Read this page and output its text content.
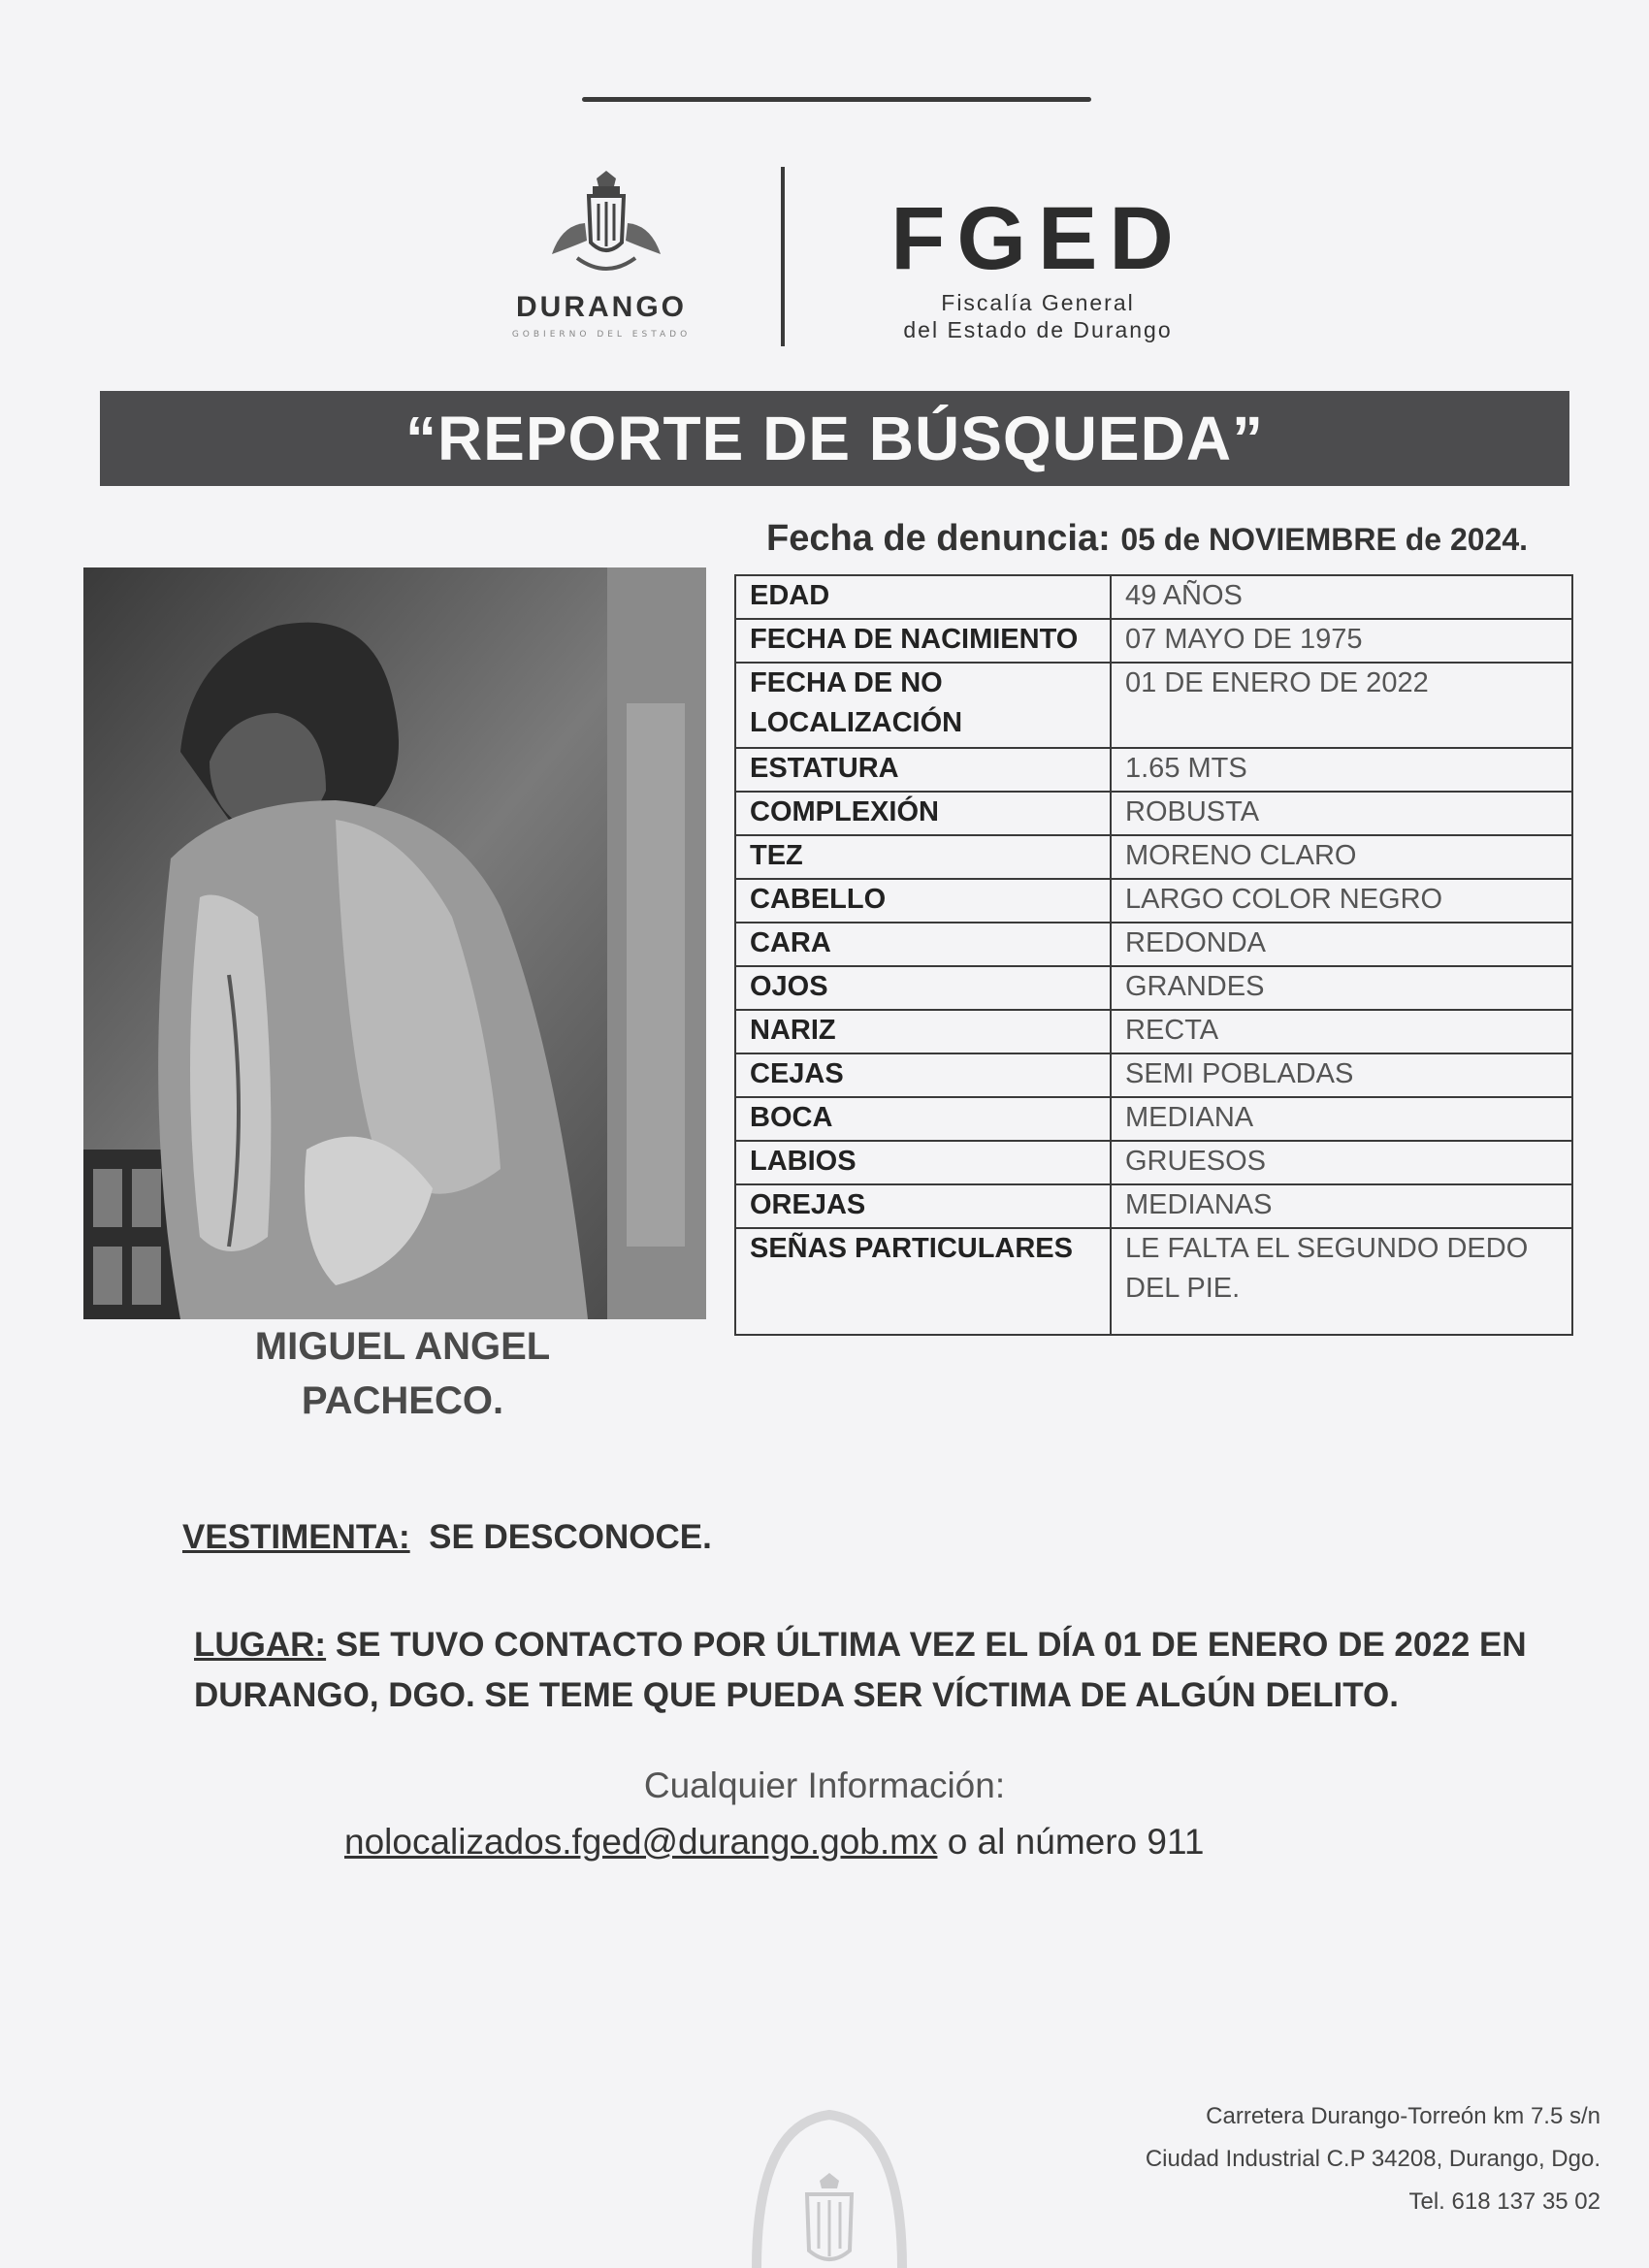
DURANGO
GOBIERNO DEL ESTADO
FGED
Fiscalía General
del Estado de Durango
“REPORTE DE BÚSQUEDA”
Fecha de denuncia: 05 de NOVIEMBRE de 2024.
MIGUEL ANGEL
PACHECO.
EDAD	49 AÑOS
FECHA DE NACIMIENTO	07 MAYO DE 1975
FECHA DE NO LOCALIZACIÓN	01 DE ENERO DE 2022
ESTATURA	1.65 MTS
COMPLEXIÓN	ROBUSTA
TEZ	MORENO CLARO
CABELLO	LARGO COLOR NEGRO
CARA	REDONDA
OJOS	GRANDES
NARIZ	RECTA
CEJAS	SEMI POBLADAS
BOCA	MEDIANA
LABIOS	GRUESOS
OREJAS	MEDIANAS
SEÑAS PARTICULARES	LE FALTA EL SEGUNDO DEDO DEL PIE.
VESTIMENTA: SE DESCONOCE.
LUGAR: SE TUVO CONTACTO POR ÚLTIMA VEZ EL DÍA 01 DE ENERO DE 2022 EN DURANGO, DGO. SE TEME QUE PUEDA SER VÍCTIMA DE ALGÚN DELITO.
Cualquier Información:
nolocalizados.fged@durango.gob.mx o al número 911
Carretera Durango-Torreón km 7.5 s/n
Ciudad Industrial C.P 34208, Durango, Dgo.
Tel. 618 137 35 02
